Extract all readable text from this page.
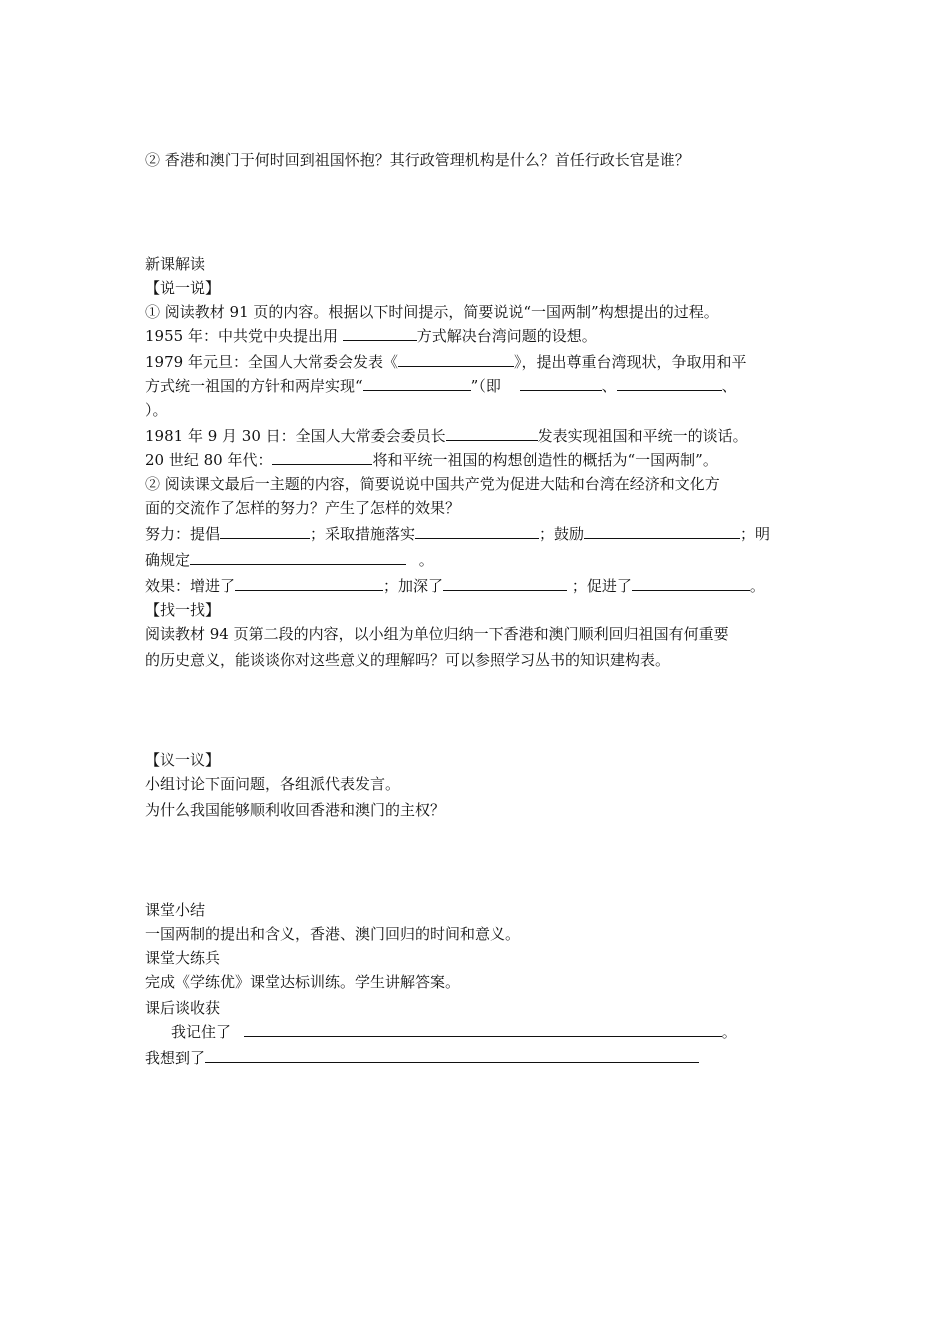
② 香港和澳门于何时回到祖国怀抱？其行政管理机构是什么？首任行政长官是谁？
新课解读
【说一说】
① 阅读教材 91 页的内容。根据以下时间提示，简要说说“一国两制”构想提出的过程。
1955 年：中共党中央提出用	方式解决台湾问题的设想。
1979 年元旦：全国人大常委会发表《	》，提出尊重台湾现状，争取用和平
方式统一祖国的方针和两岸实现“	”（即	、	、
）。
1981 年 9 月 30 日：全国人大常委会委员长	发表实现祖国和平统一的谈话。
20 世纪 80 年代：	将和平统一祖国的构想创造性的概括为“一国两制”。
② 阅读课文最后一主题的内容，简要说说中国共产党为促进大陆和台湾在经济和文化方
面的交流作了怎样的努力？产生了怎样的效果？
努力：提倡	；采取措施落实	；鼓励	；明
确规定	。
效果：增进了	；加深了	；促进了	。
【找一找】
阅读教材 94 页第二段的内容，以小组为单位归纳一下香港和澳门顺利回归祖国有何重要
的历史意义，能谈谈你对这些意义的理解吗？可以参照学习丛书的知识建构表。
【议一议】
小组讨论下面问题，各组派代表发言。
为什么我国能够顺利收回香港和澳门的主权？
课堂小结
一国两制的提出和含义，香港、澳门回归的时间和意义。
课堂大练兵
完成《学练优》课堂达标训练。学生讲解答案。
课后谈收获
我记住了	。
我想到了
